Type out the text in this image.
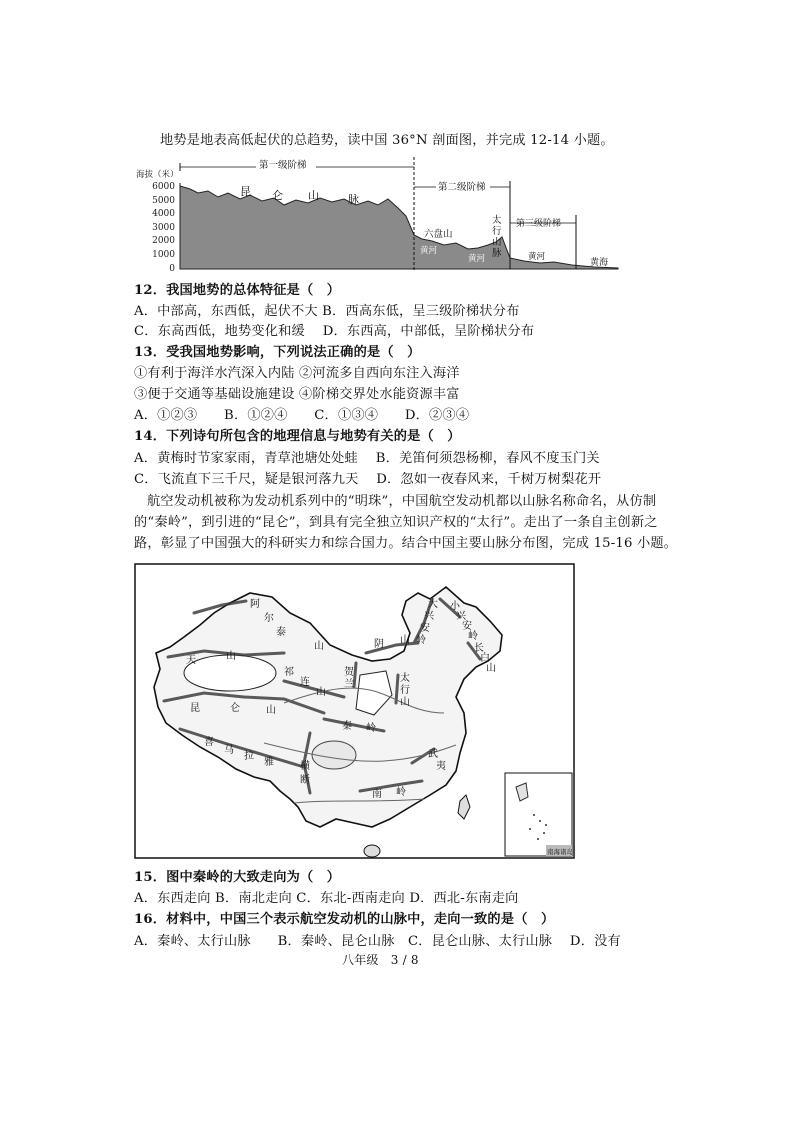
地势是地表高低起伏的总趋势，读中国 36°N 剖面图，并完成 12-14 小题。
海拔（米）
6000
5000
4000
3000
2000
1000
0
第一级阶梯
第二级阶梯
第三级阶梯
昆 仑 山	脉
六盘山
太
行
山
脉
黄河
黄河	黄河
黄海
12．我国地势的总体特征是（　）
A．中部高，东西低，起伏不大 B．西高东低，呈三级阶梯状分布
C．东高西低，地势变化和缓　 D．东西高，中部低，呈阶梯状分布
13．受我国地势影响，下列说法正确的是（　）
①有利于海洋水汽深入内陆 ②河流多自西向东注入海洋
③便于交通等基础设施建设 ④阶梯交界处水能资源丰富
A．①②③　　B．①②④　　C．①③④　　D．②③④
14．下列诗句所包含的地理信息与地势有关的是（　）
A．黄梅时节家家雨，青草池塘处处蛙　 B．羌笛何须怨杨柳，春风不度玉门关
C．飞流直下三千尺，疑是银河落九天　 D．忽如一夜春风来，千树万树梨花开
航空发动机被称为发动机系列中的“明珠”，中国航空发动机都以山脉名称命名，从仿制
的“秦岭”，到引进的“昆仑”，到具有完全独立知识产权的“太行”。走出了一条自主创新之
路，彰显了中国强大的科研实力和综合国力。结合中国主要山脉分布图，完成 15-16 小题。
南海诸岛
阿
尔
泰
山
天	山
昆	仑	山
祁
连
山
贺
兰
阴 山
大
兴
安
岭
小
兴
安
岭
长
白
山
太
行
山
秦 岭
横
断
武
夷
南 岭
喜
马
拉
雅
15．图中秦岭的大致走向为（　）
A．东西走向 B．南北走向 C．东北-西南走向 D．西北-东南走向
16．材料中，中国三个表示航空发动机的山脉中，走向一致的是（　）
A．秦岭、太行山脉　　B．秦岭、昆仑山脉　C．昆仑山脉、太行山脉　 D．没有
八年级　3 / 8
